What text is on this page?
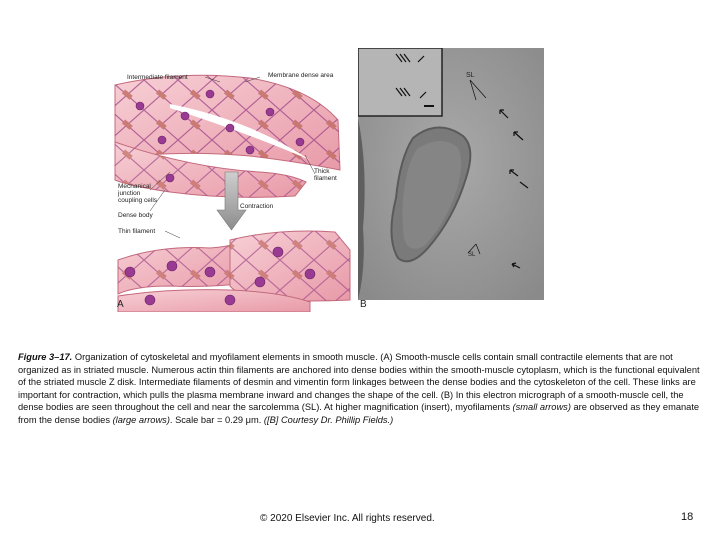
Intermediate filament	Membrane dense area
Thick filament
Contraction
Mechanical junction coupling cells
Dense body
Thin filament
A
SL
SL
B
Figure 3–17. Organization of cytoskeletal and myofilament elements in smooth muscle. (A) Smooth-muscle cells contain small contractile elements that are not organized as in striated muscle. Numerous actin thin filaments are anchored into dense bodies within the smooth-muscle cytoplasm, which is the functional equivalent of the striated muscle Z disk. Intermediate filaments of desmin and vimentin form linkages between the dense bodies and the cytoskeleton of the cell. These links are important for contraction, which pulls the plasma membrane inward and changes the shape of the cell. (B) In this electron micrograph of a smooth-muscle cell, the dense bodies are seen throughout the cell and near the sarcolemma (SL). At higher magnification (insert), myofilaments (small arrows) are observed as they emanate from the dense bodies (large arrows). Scale bar = 0.29 μm. ([B] Courtesy Dr. Phillip Fields.)
© 2020 Elsevier Inc. All rights reserved.	18
